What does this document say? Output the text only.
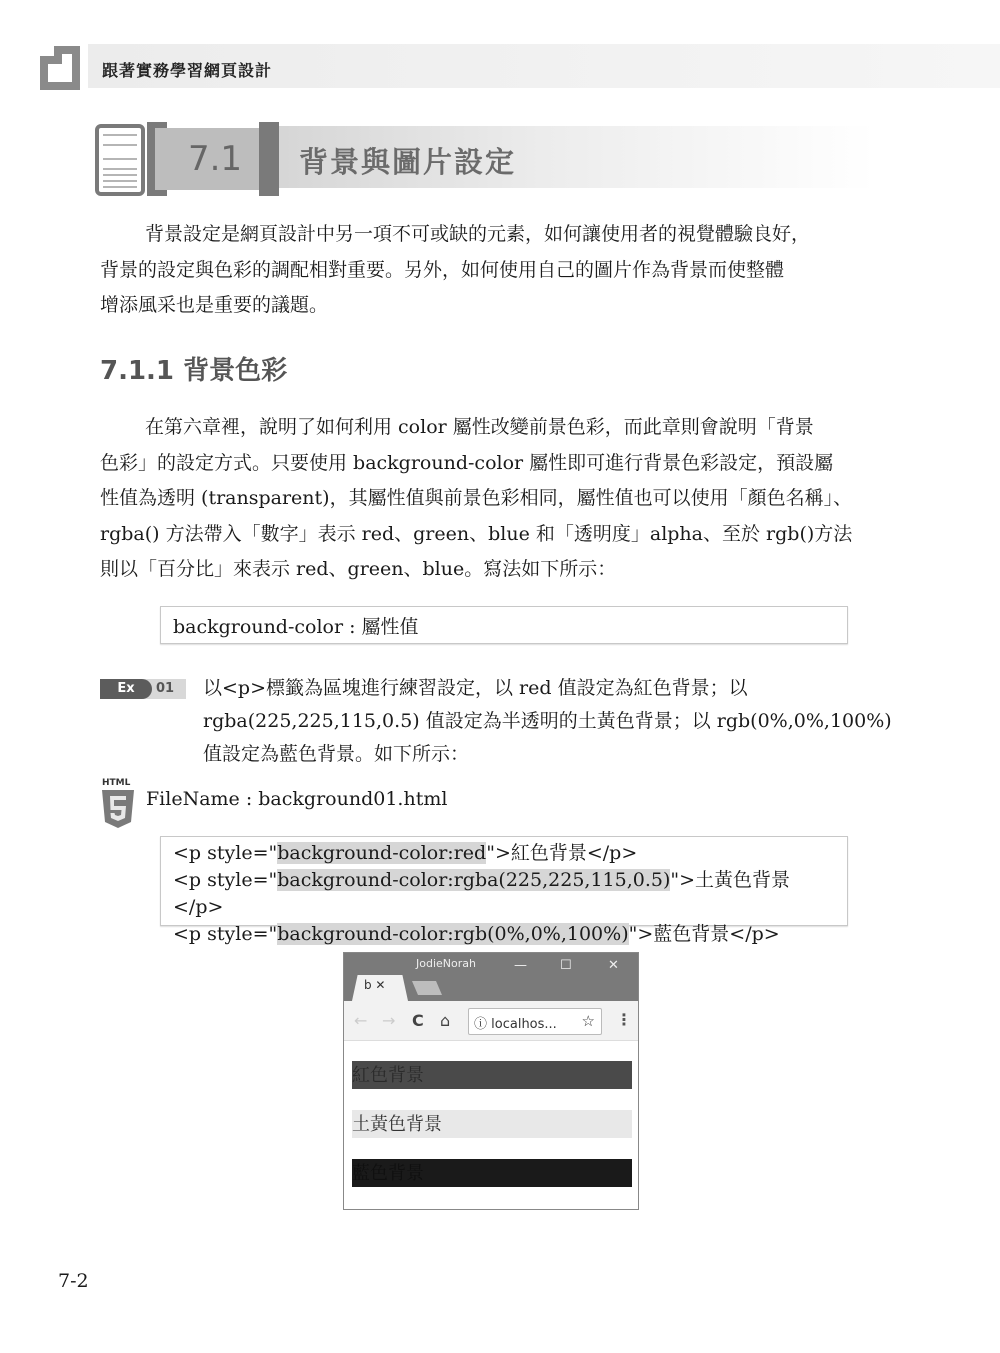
跟著實務學習網頁設計
7.1	背景與圖片設定
背景設定是網頁設計中另一項不可或缺的元素，如何讓使用者的視覺體驗良好，
背景的設定與色彩的調配相對重要。另外，如何使用自己的圖片作為背景而使整體
增添風采也是重要的議題。
7.1.1 背景色彩
在第六章裡，說明了如何利用 color 屬性改變前景色彩，而此章則會說明「背景
色彩」的設定方式。只要使用 background-color 屬性即可進行背景色彩設定，預設屬
性值為透明 (transparent)，其屬性值與前景色彩相同，屬性值也可以使用「顏色名稱」、
rgba() 方法帶入「數字」表示 red、green、blue 和「透明度」alpha、至於 rgb()方法
則以「百分比」來表示 red、green、blue。寫法如下所示：
background-color : 屬性值
Ex	01 以<p>標籤為區塊進行練習設定，以 red 值設定為紅色背景；以
rgba(225,225,115,0.5) 值設定為半透明的土黃色背景；以 rgb(0%,0%,100%)
值設定為藍色背景。如下所示：
HTML
FileName : background01.html
<p style="background-color:red">紅色背景</p>
<p style="background-color:rgba(225,225,115,0.5)">土黃色背景</p>
<p style="background-color:rgb(0%,0%,100%)">藍色背景</p>
JodieNorah	—	☐	✕
b ✕
← → C ⌂	ⓘ localhos... ☆ ⋮
紅色背景
土黃色背景
藍色背景
7-2
